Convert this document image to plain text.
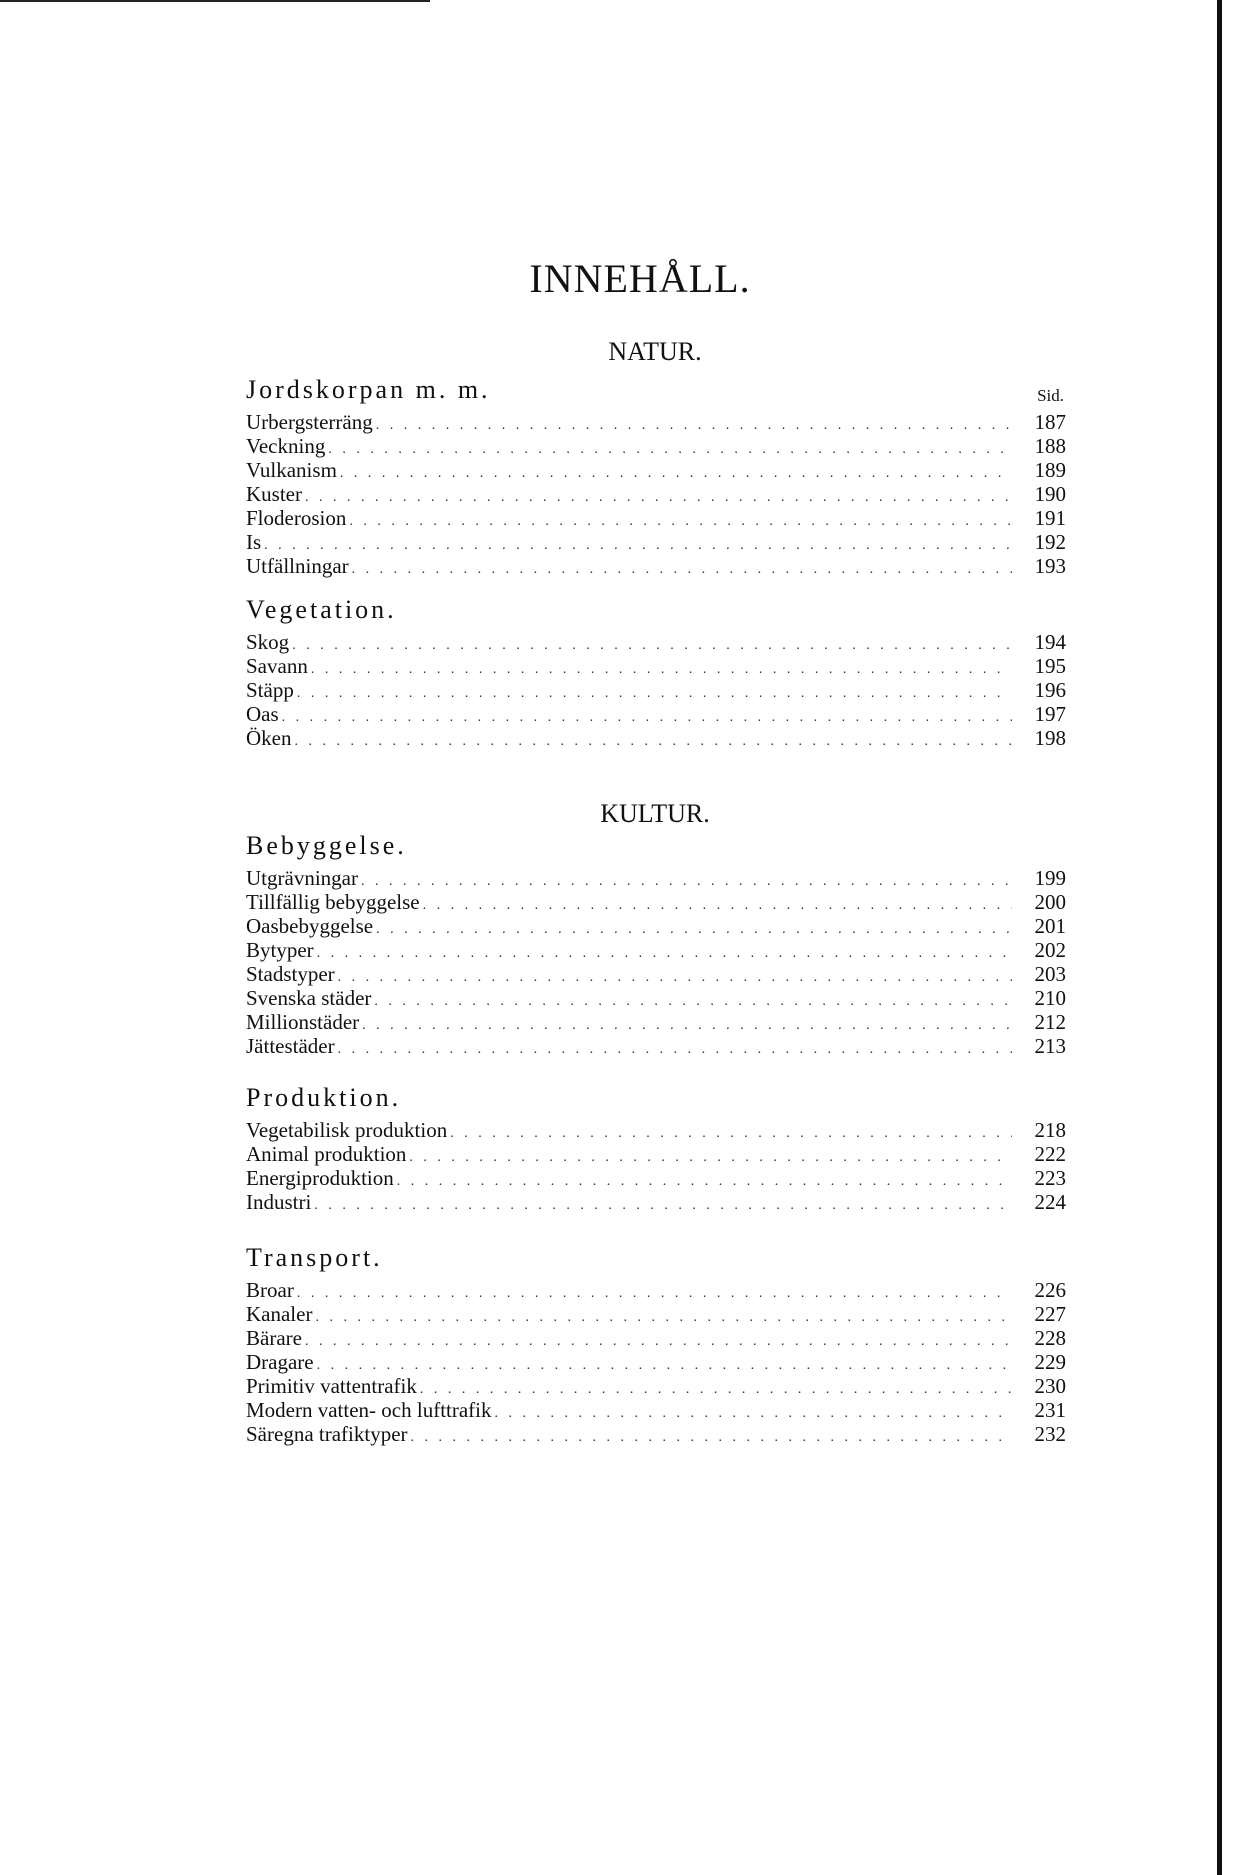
INNEHÅLL.
NATUR.
Jordskorpan m. m.	Sid.
Urbergsterräng . . .	187
Veckning . . .	188
Vulkanism . . .	189
Kuster . . .	190
Floderosion . . .	191
Is . . .	192
Utfällningar . . .	193
Vegetation.
Skog . . .	194
Savann . . .	195
Stäpp . . .	196
Oas . . .	197
Öken . . .	198
KULTUR.
Bebyggelse.
Utgrävningar . . .	199
Tillfällig bebyggelse . . .	200
Oasbebyggelse . . .	201
Bytyper . . .	202
Stadstyper . . .	203
Svenska städer . . .	210
Millionstäder . . .	212
Jättestäder . . .	213
Produktion.
Vegetabilisk produktion . . .	218
Animal produktion . . .	222
Energiproduktion . . .	223
Industri . . .	224
Transport.
Broar . . .	226
Kanaler . . .	227
Bärare . . .	228
Dragare . . .	229
Primitiv vattentrafik . . .	230
Modern vatten- och lufttrafik . . .	231
Säregna trafiktyper . . .	232
